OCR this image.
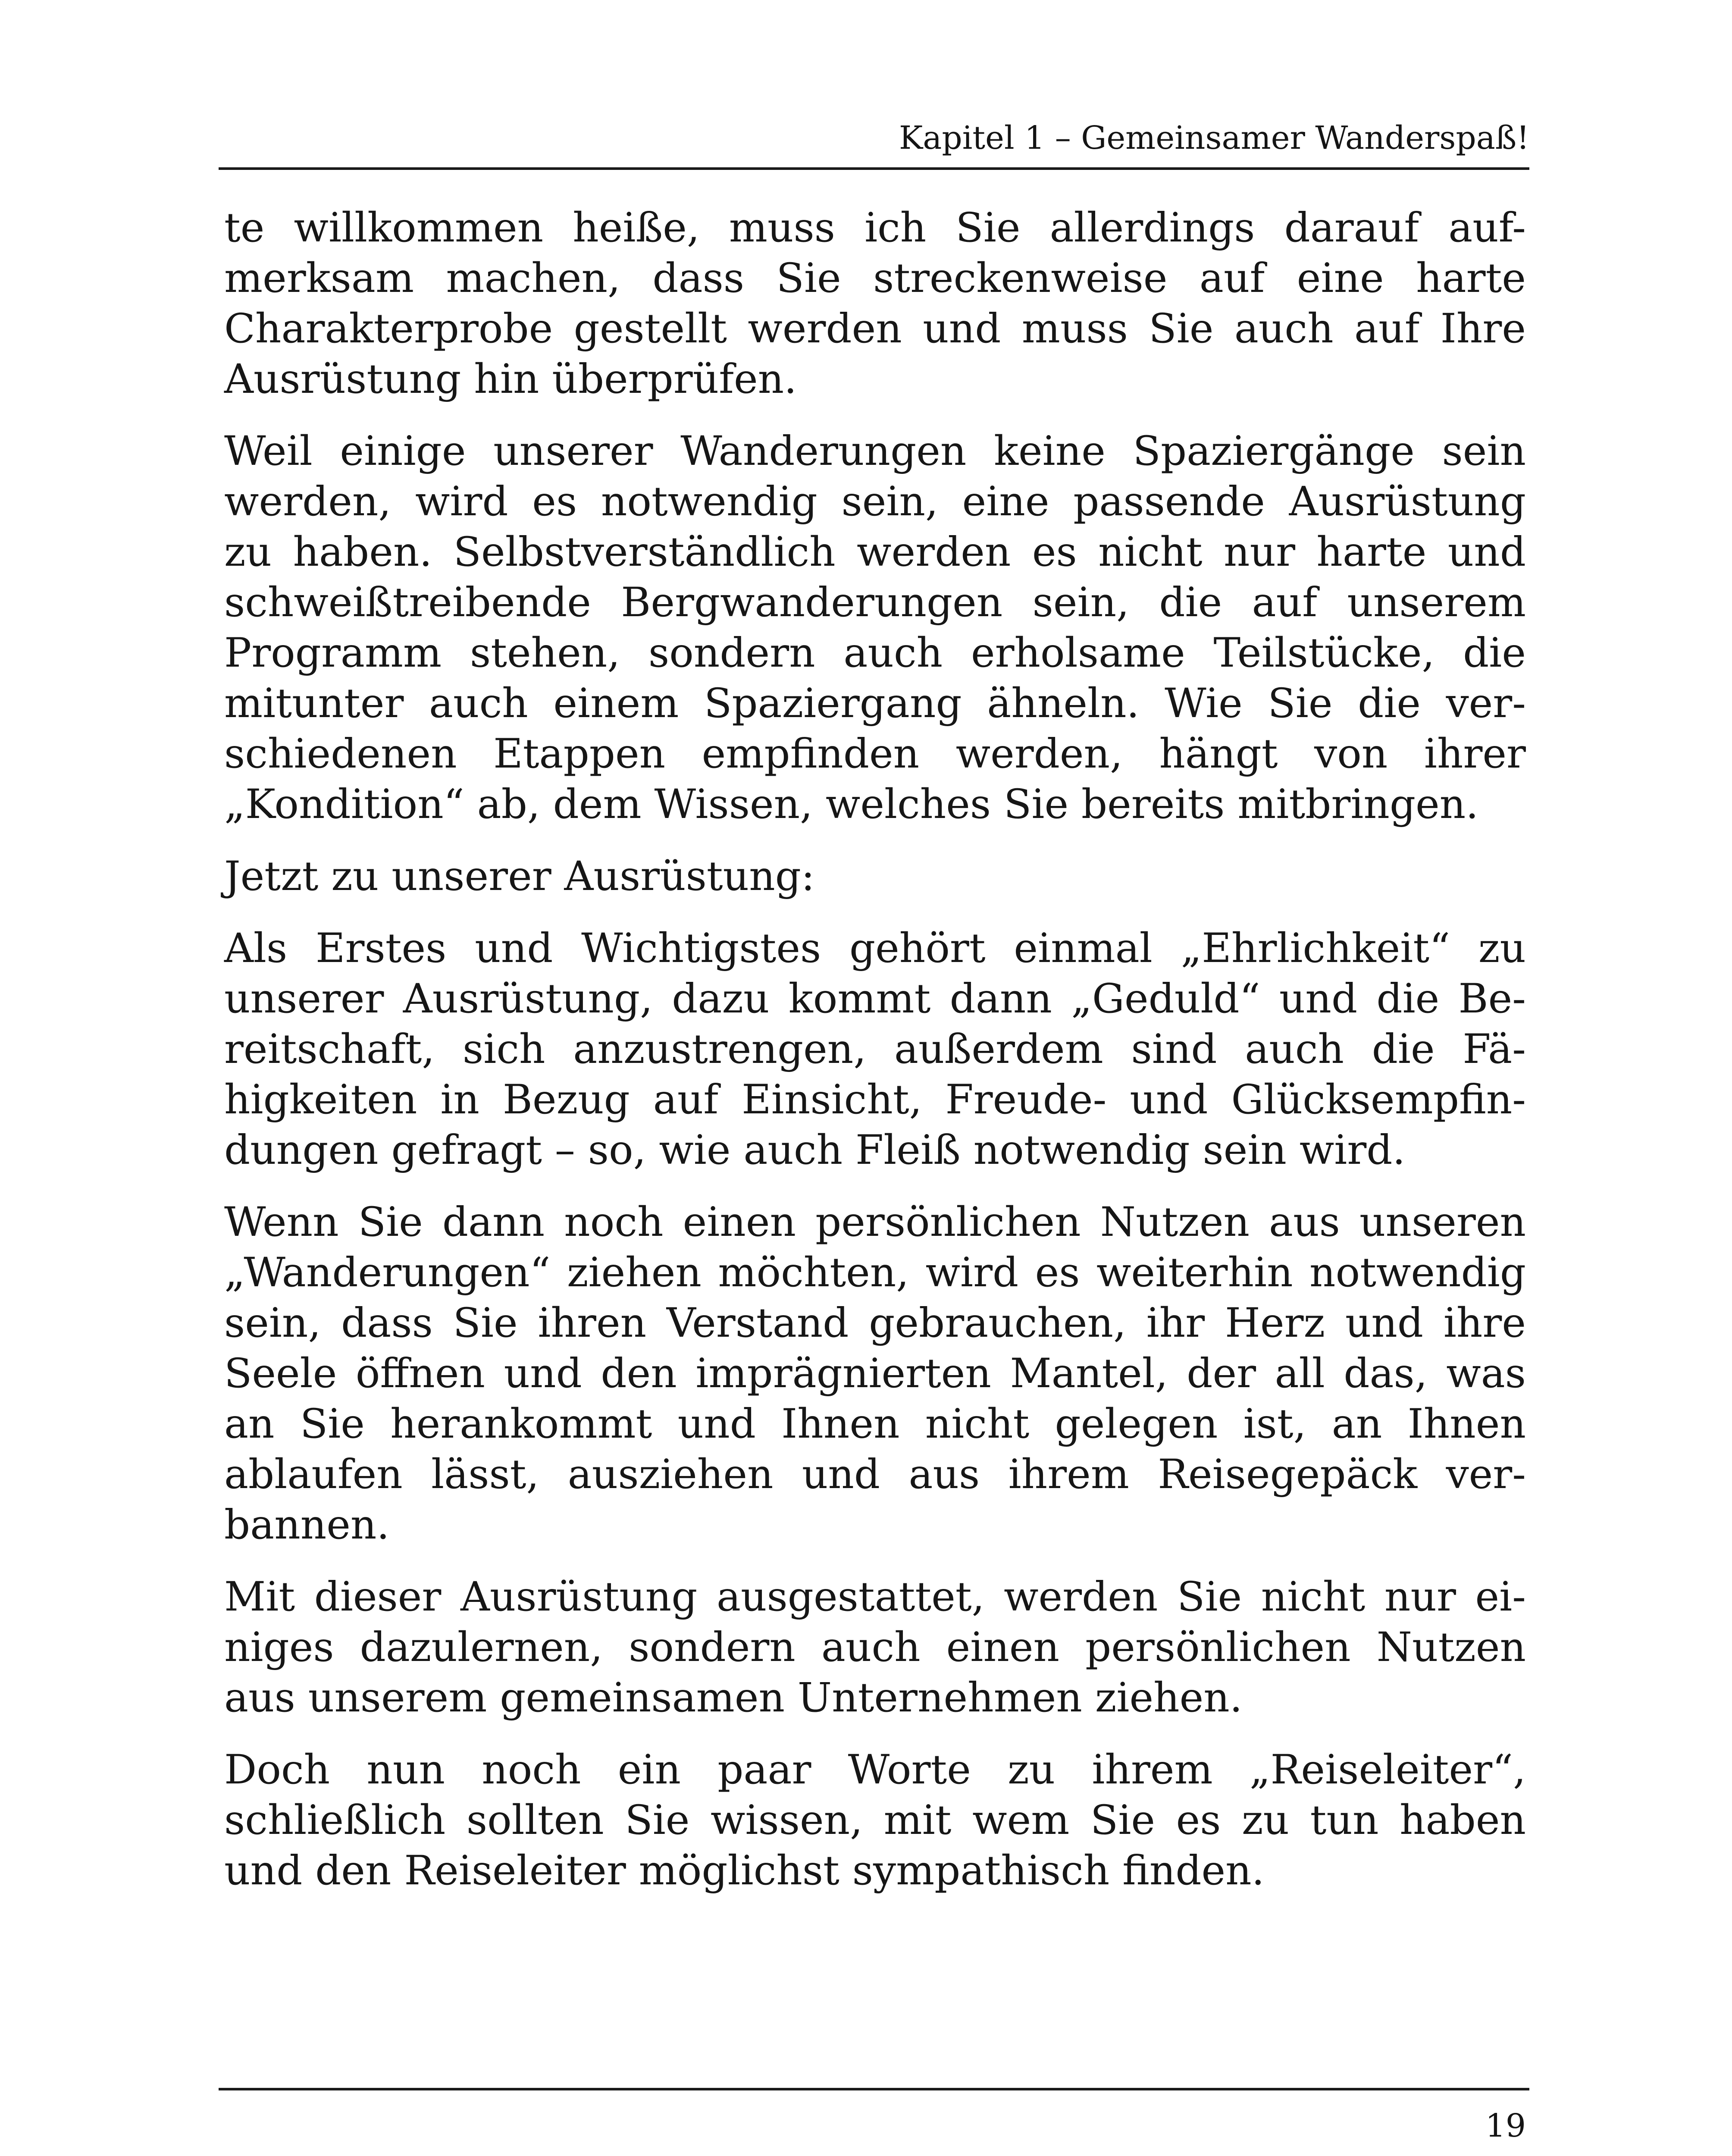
Kapitel 1 – Gemeinsamer Wanderspaß!

te willkommen heiße, muss ich Sie allerdings darauf auf-
merksam machen, dass Sie streckenweise auf eine harte
Charakterprobe gestellt werden und muss Sie auch auf Ihre
Ausrüstung hin überprüfen.

Weil einige unserer Wanderungen keine Spaziergänge sein
werden, wird es notwendig sein, eine passende Ausrüstung
zu haben. Selbstverständlich werden es nicht nur harte und
schweißtreibende Bergwanderungen sein, die auf unserem
Programm stehen, sondern auch erholsame Teilstücke, die
mitunter auch einem Spaziergang ähneln. Wie Sie die ver-
schiedenen Etappen empfinden werden, hängt von ihrer
„Kondition“ ab, dem Wissen, welches Sie bereits mitbringen.

Jetzt zu unserer Ausrüstung:

Als Erstes und Wichtigstes gehört einmal „Ehrlichkeit“ zu
unserer Ausrüstung, dazu kommt dann „Geduld“ und die Be-
reitschaft, sich anzustrengen, außerdem sind auch die Fä-
higkeiten in Bezug auf Einsicht, Freude- und Glücksempfin-
dungen gefragt – so, wie auch Fleiß notwendig sein wird.

Wenn Sie dann noch einen persönlichen Nutzen aus unseren
„Wanderungen“ ziehen möchten, wird es weiterhin notwendig
sein, dass Sie ihren Verstand gebrauchen, ihr Herz und ihre
Seele öffnen und den imprägnierten Mantel, der all das, was
an Sie herankommt und Ihnen nicht gelegen ist, an Ihnen
ablaufen lässt, ausziehen und aus ihrem Reisegepäck ver-
bannen.

Mit dieser Ausrüstung ausgestattet, werden Sie nicht nur ei-
niges dazulernen, sondern auch einen persönlichen Nutzen
aus unserem gemeinsamen Unternehmen ziehen.

Doch nun noch ein paar Worte zu ihrem „Reiseleiter“,
schließlich sollten Sie wissen, mit wem Sie es zu tun haben
und den Reiseleiter möglichst sympathisch finden.

19
